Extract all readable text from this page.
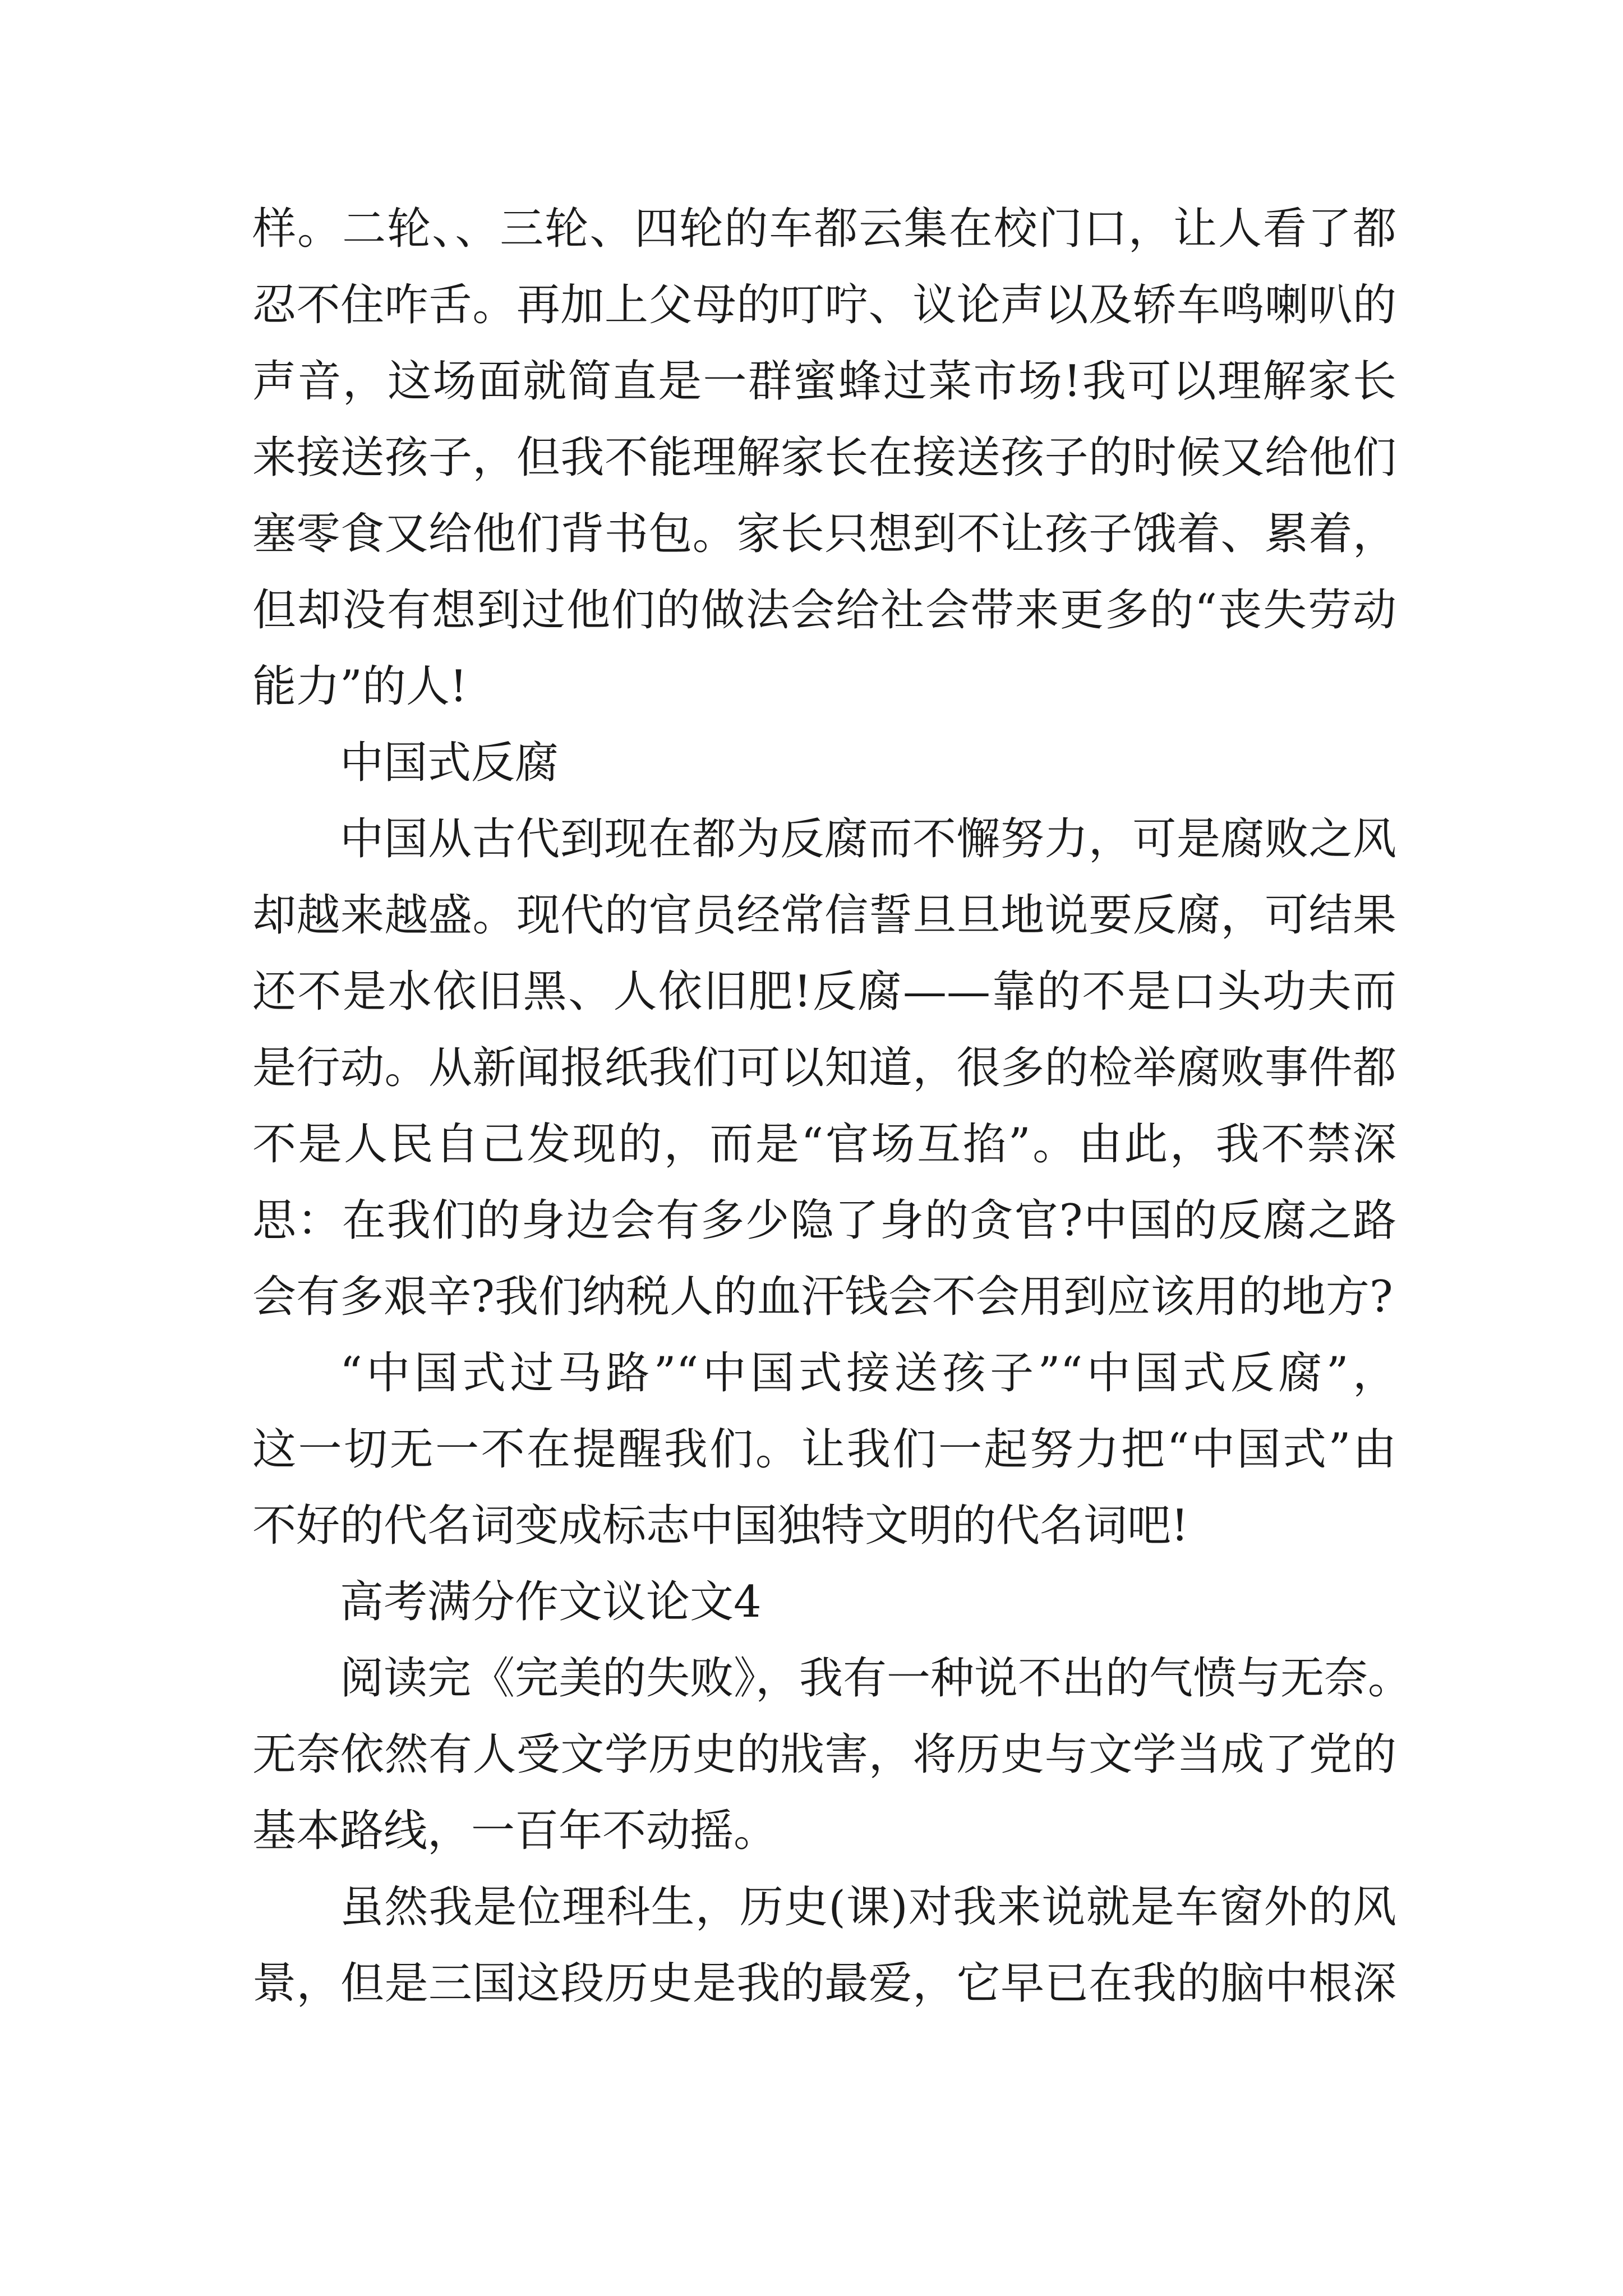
样。二轮、、三轮、四轮的车都云集在校门口，让人看了都
忍不住咋舌。再加上父母的叮咛、议论声以及轿车鸣喇叭的
声音，这场面就简直是一群蜜蜂过菜市场!我可以理解家长
来接送孩子，但我不能理解家长在接送孩子的时候又给他们
塞零食又给他们背书包。家长只想到不让孩子饿着、累着，
但却没有想到过他们的做法会给社会带来更多的“丧失劳动
能力”的人!
中国式反腐
中国从古代到现在都为反腐而不懈努力，可是腐败之风
却越来越盛。现代的官员经常信誓旦旦地说要反腐，可结果
还不是水依旧黑、人依旧肥!反腐——靠的不是口头功夫而
是行动。从新闻报纸我们可以知道，很多的检举腐败事件都
不是人民自己发现的，而是“官场互掐”。由此，我不禁深
思：在我们的身边会有多少隐了身的贪官?中国的反腐之路
会有多艰辛?我们纳税人的血汗钱会不会用到应该用的地方?
“中国式过马路”“中国式接送孩子”“中国式反腐”，
这一切无一不在提醒我们。让我们一起努力把“中国式”由
不好的代名词变成标志中国独特文明的代名词吧!
高考满分作文议论文4
阅读完《完美的失败》，我有一种说不出的气愤与无奈。
无奈依然有人受文学历史的戕害，将历史与文学当成了党的
基本路线，一百年不动摇。
虽然我是位理科生，历史(课)对我来说就是车窗外的风
景，但是三国这段历史是我的最爱，它早已在我的脑中根深
